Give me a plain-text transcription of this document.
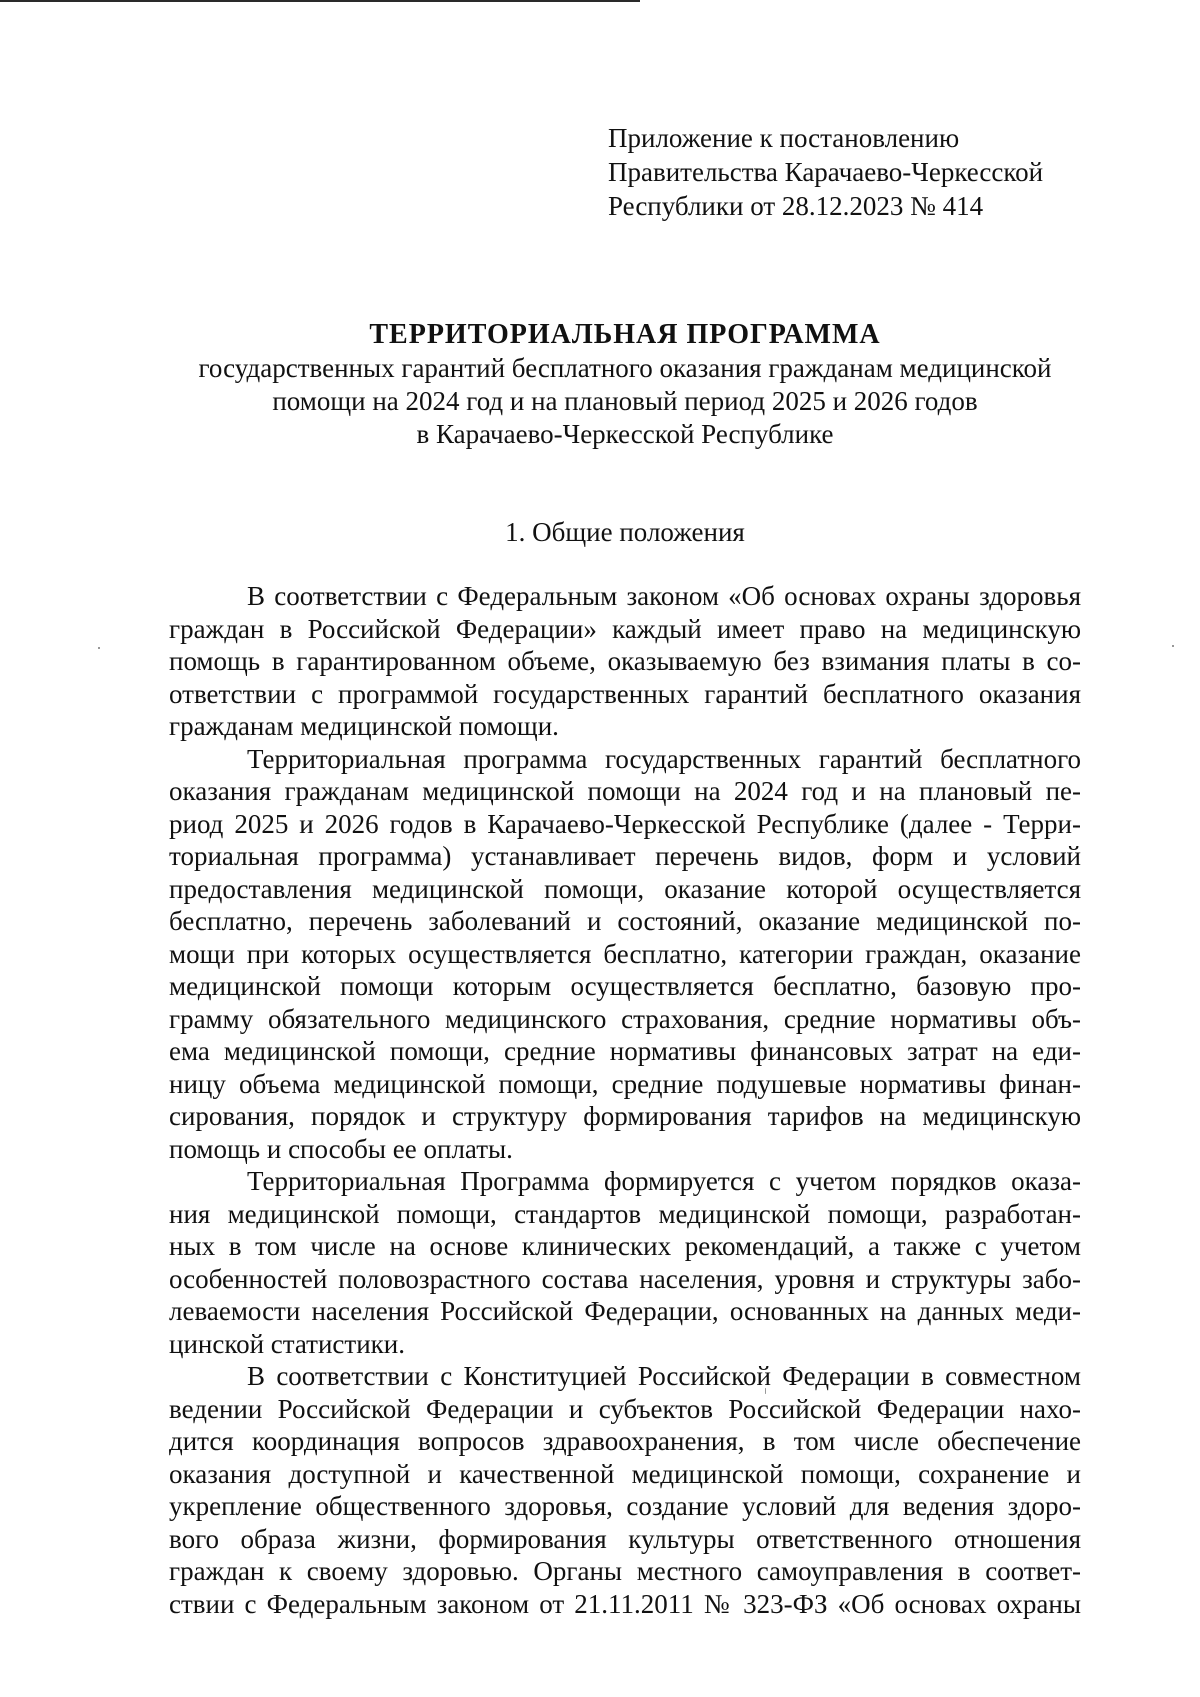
Приложение к постановлению
Правительства Карачаево-Черкесской
Республики от 28.12.2023 № 414
ТЕРРИТОРИАЛЬНАЯ ПРОГРАММА
государственных гарантий бесплатного оказания гражданам медицинской
помощи на 2024 год и на плановый период 2025 и 2026 годов
в Карачаево-Черкесской Республике
1. Общие положения
В соответствии с Федеральным законом «Об основах охраны здоровья
граждан в Российской Федерации» каждый имеет право на медицинскую
помощь в гарантированном объеме, оказываемую без взимания платы в со-
ответствии с программой государственных гарантий бесплатного оказания
гражданам медицинской помощи.
Территориальная программа государственных гарантий бесплатного
оказания гражданам медицинской помощи на 2024 год и на плановый пе-
риод 2025 и 2026 годов в Карачаево-Черкесской Республике (далее - Терри-
ториальная программа) устанавливает перечень видов, форм и условий
предоставления медицинской помощи, оказание которой осуществляется
бесплатно, перечень заболеваний и состояний, оказание медицинской по-
мощи при которых осуществляется бесплатно, категории граждан, оказание
медицинской помощи которым осуществляется бесплатно, базовую про-
грамму обязательного медицинского страхования, средние нормативы объ-
ема медицинской помощи, средние нормативы финансовых затрат на еди-
ницу объема медицинской помощи, средние подушевые нормативы финан-
сирования, порядок и структуру формирования тарифов на медицинскую
помощь и способы ее оплаты.
Территориальная Программа формируется с учетом порядков оказа-
ния медицинской помощи, стандартов медицинской помощи, разработан-
ных в том числе на основе клинических рекомендаций, а также с учетом
особенностей половозрастного состава населения, уровня и структуры забо-
леваемости населения Российской Федерации, основанных на данных меди-
цинской статистики.
В соответствии с Конституцией Российской Федерации в совместном
ведении Российской Федерации и субъектов Российской Федерации нахо-
дится координация вопросов здравоохранения, в том числе обеспечение
оказания доступной и качественной медицинской помощи, сохранение и
укрепление общественного здоровья, создание условий для ведения здоро-
вого образа жизни, формирования культуры ответственного отношения
граждан к своему здоровью. Органы местного самоуправления в соответ-
ствии с Федеральным законом от 21.11.2011 № 323-ФЗ «Об основах охраны
